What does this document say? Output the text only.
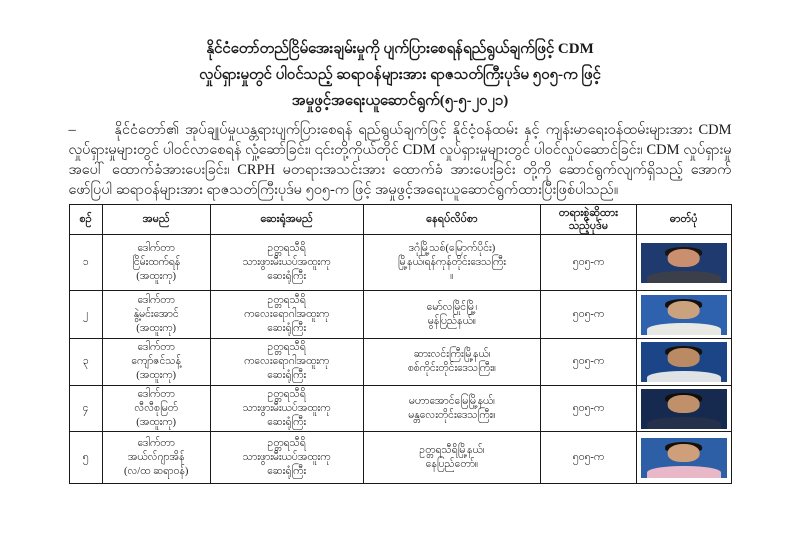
နိုင်ငံတော်တည်ငြိမ်အေးချမ်းမှုကို ပျက်ပြားစေရန်ရည်ရွယ်ချက်ဖြင့် CDM
လှုပ်ရှားမှုတွင် ပါဝင်သည့် ဆရာဝန်များအား ရာဇသတ်ကြီးပုဒ်မ ၅၀၅-က ဖြင့်
အမှုဖွင့်အရေးယူဆောင်ရွက်(၅-၅-၂၀၂၁)
–	နိုင်ငံတော်၏ အုပ်ချုပ်မှုယန္တရားပျက်ပြားစေရန် ရည်ရွယ်ချက်ဖြင့် နိုင်ငံ့ဝန်ထမ်း နှင့် ကျန်းမာရေးဝန်ထမ်းများအား CDM လှုပ်ရှားမှုများတွင် ပါဝင်လာစေရန် လှုံ့ဆော်ခြင်း၊ ၎င်းတို့ကိုယ်တိုင် CDM လှုပ်ရှားမှုများတွင် ပါဝင်လှုပ်ဆောင်ခြင်း၊ CDM လှုပ်ရှားမှု အပေါ် ထောက်ခံအားပေးခြင်း၊ CRPH မတရားအသင်းအား ထောက်ခံ အားပေးခြင်း တို့ကို ဆောင်ရွက်လျက်ရှိသည့် အောက်ဖော်ပြပါ ဆရာဝန်များအား ရာဇသတ်ကြီးပုဒ်မ ၅၀၅-က ဖြင့် အမှုဖွင့်အရေးယူဆောင်ရွက်ထားပြီးဖြစ်ပါသည်။
စဥ်	အမည်	ဆေးရုံအမည်	နေရပ်လိပ်စာ	တရားစွဲဆိုထား
သည့်ပုဒ်မ	ဓာတ်ပုံ
၁	ဒေါက်တာ
ငြိမ်းထက်ရန်
(အထူးကု)	ဥတ္တရသီရိ
သားဖွားမီးယပ်အထူးကု
ဆေးရုံကြီး	ဒဂုံမြို့သစ်(မြောက်ပိုင်း)
မြို့နယ်၊ရန်ကုန်တိုင်းဒေသကြီး
။	၅၀၅-က	

၂	ဒေါက်တာ
နွဲ့မင်းအောင်
(အထူးကု)	ဥတ္တရသီရိ
ကလေးရောဂါအထူးကု
ဆေးရုံကြီး	မော်လမြိုင်မြို့၊
မွန်ပြည်နယ်။	၅၀၅-က	

၃	ဒေါက်တာ
ကျော်ဇင်သန့်
(အထူးကု)	ဥတ္တရသီရိ
ကလေးရောဂါအထူးကု
ဆေးရုံကြီး	ဆားလင်းကြီးမြို့နယ်၊
စစ်ကိုင်းတိုင်းဒေသကြီး။	၅၀၅-က	

၄	ဒေါက်တာ
လီလီစုမြတ်
(အထူးကု)	ဥတ္တရသီရိ
သားဖွားမီးယပ်အထူးကု
ဆေးရုံကြီး	မဟာအောင်မြေမြို့နယ်၊
မန္တလေးတိုင်းဒေသကြီး။	၅၀၅-က	

၅	ဒေါက်တာ
အယ်လ်ဂျာအိန်
(လ/ထ ဆရာဝန်)	ဥတ္တရသီရိ
သားဖွားမီးယပ်အထူးကု
ဆေးရုံကြီး	ဥတ္တရသီရိမြို့နယ်၊
နေပြည်တော်။	၅၀၅-က	
